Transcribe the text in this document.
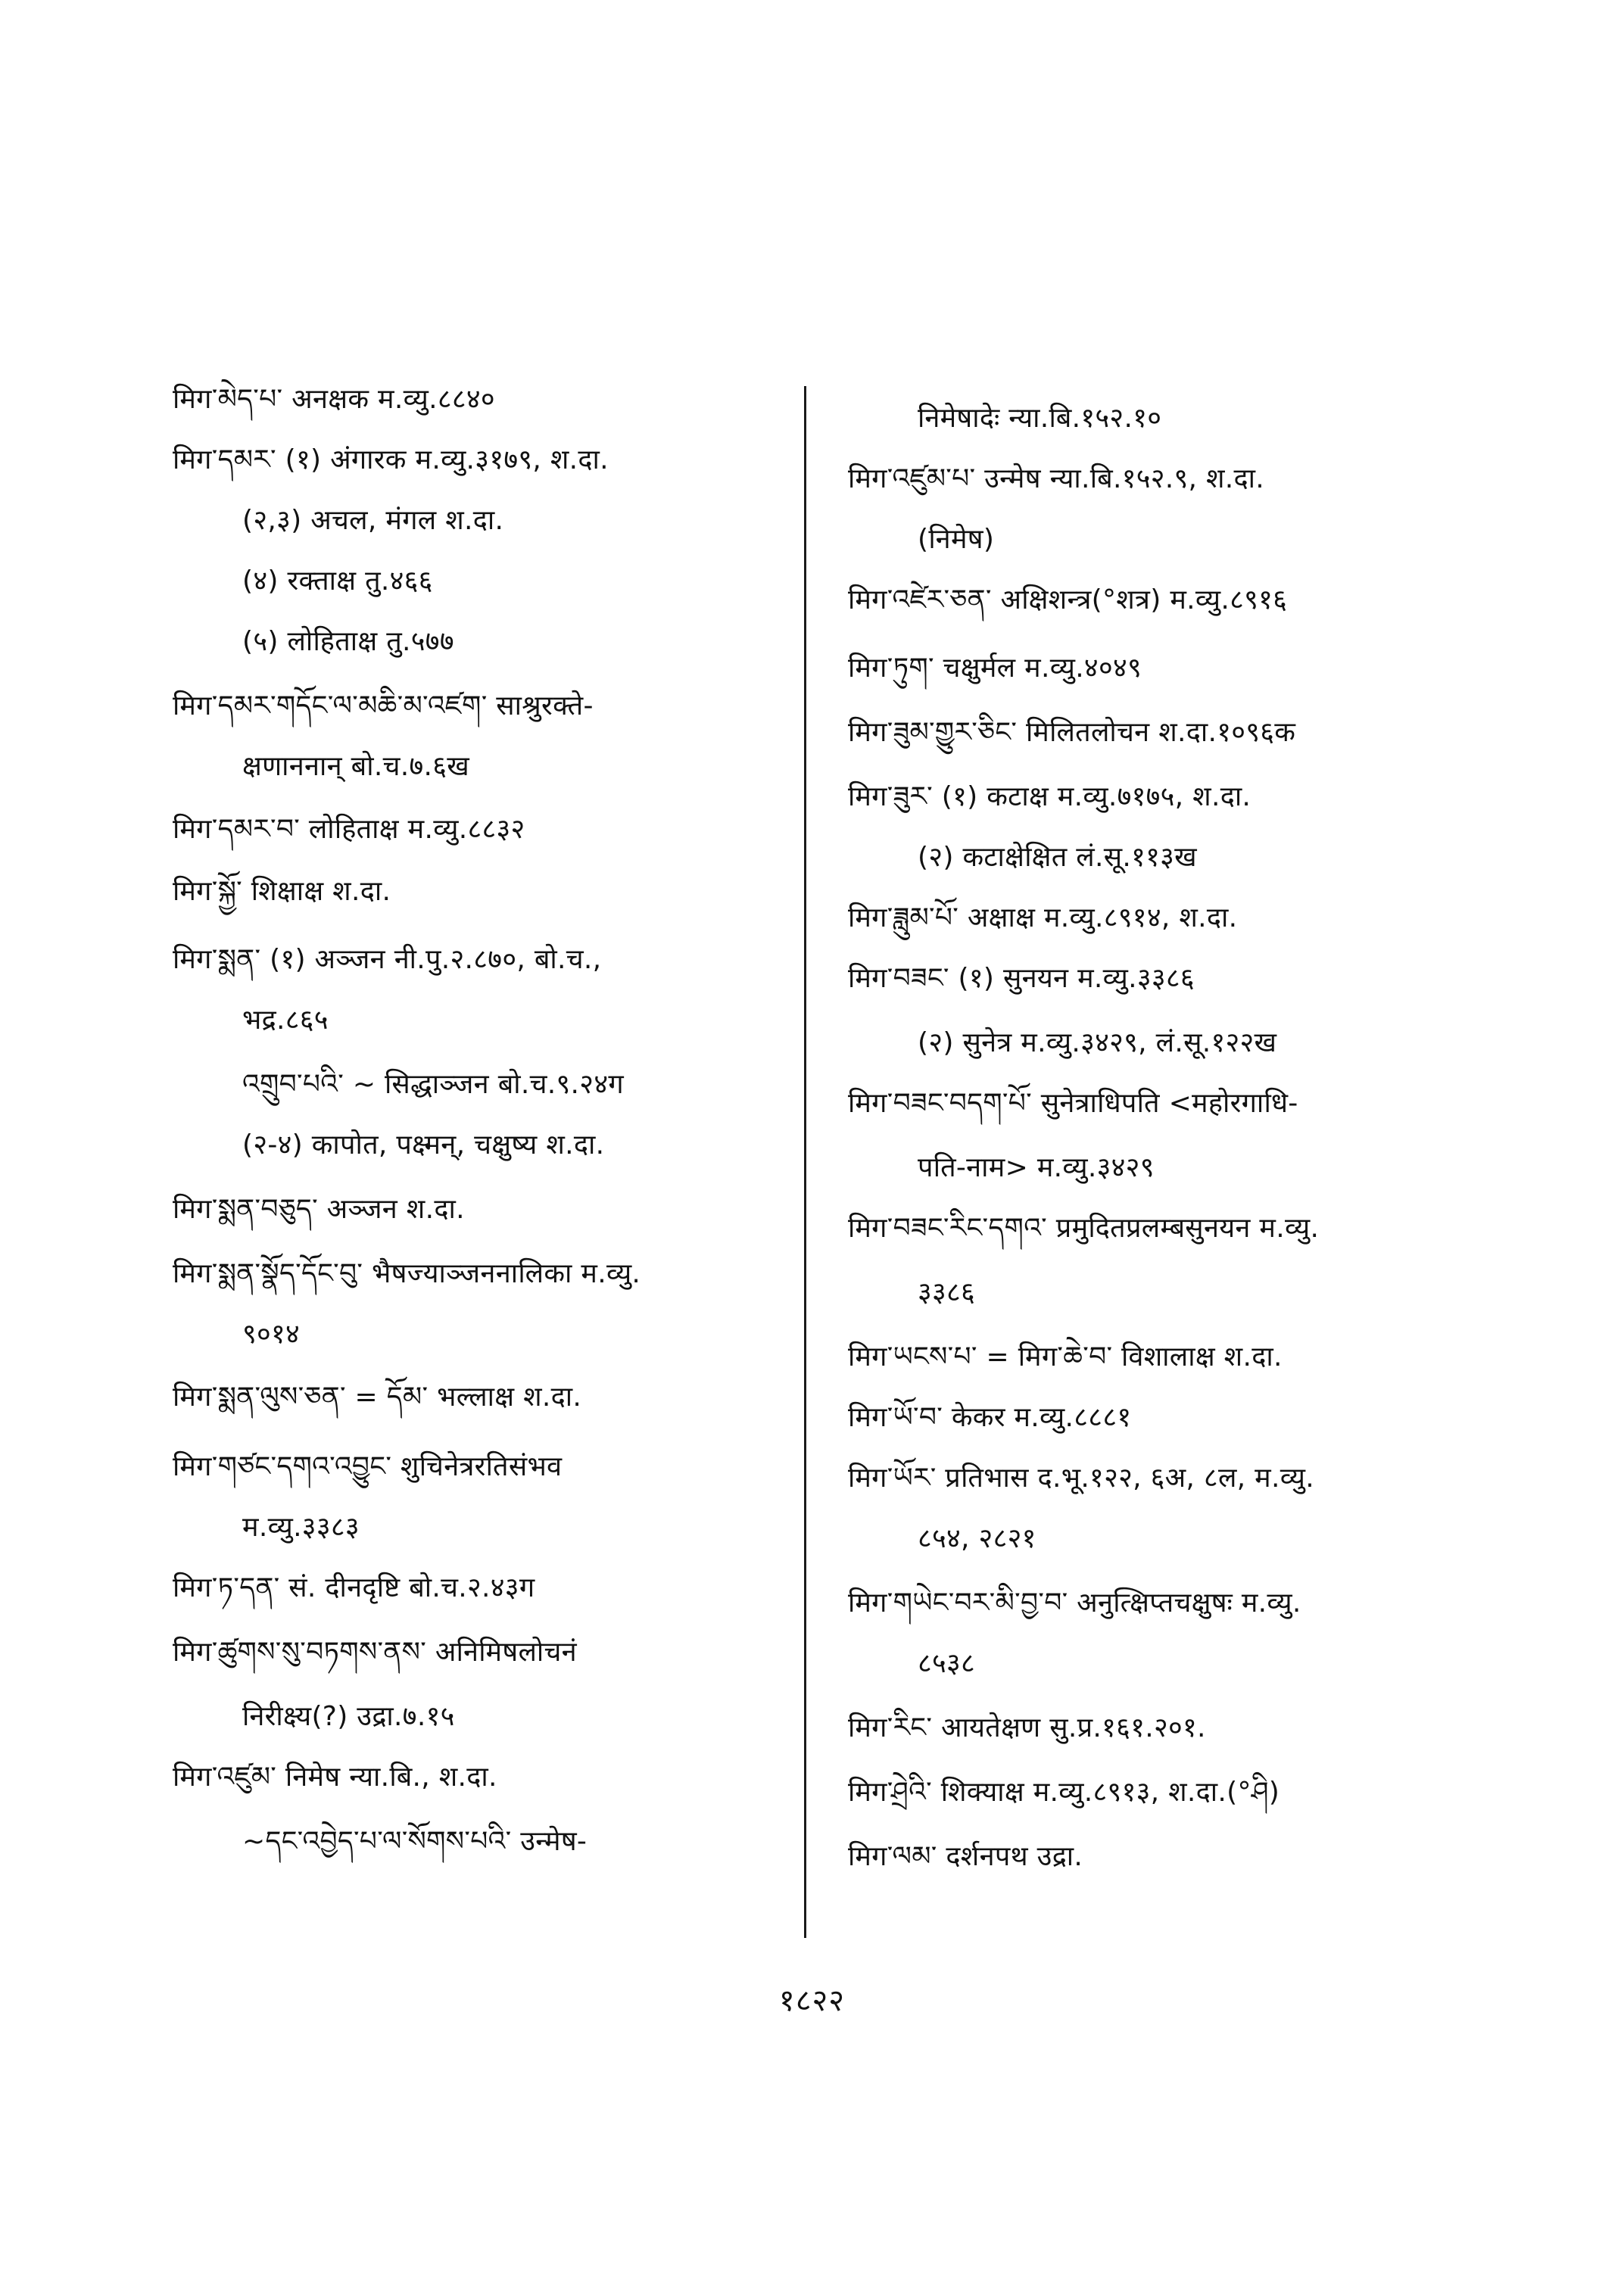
मिग་མེད་པ་ अनक्षक म.व्यु.८८४०
मिग་དམར་ (१) अंगारक म.व्यु.३१७९, श.दा.
(२,३) अचल, मंगल श.दा.
(४) रक्ताक्ष तु.४६६
(५) लोहिताक्ष तु.५७७
मिग་དམར་གདོང་ལ་མཆི་མ་འཛག་ साश्रुरक्ते-
क्षणाननान् बो.च.७.६ख
मिग་དམར་བ་ लोहिताक्ष म.व्यु.८८३२
मिग་སྐྱོ་ शिक्षाक्ष श.दा.
मिग་སྨན་ (१) अञ्जन नी.पु.२.८७०, बो.च.,
भद्र.८६५
འགྲུབ་པའི་ ~ सिद्धाञ्जन बो.च.९.२४ग
(२-४) कापोत, पक्ष्मन्, चक्षुष्य श.दा.
मिग་སྨན་བཅུད་ अञ्जन श.दा.
मिग་སྨན་སྣོད་དོང་བུ་ भैषज्याञ्जननालिका म.व्यु.
९०१४
मिग་སྨན་ལུས་ཅན་ = དོམ་ भल्लाक्ष श.दा.
मिग་གཙང་དགའ་འབྱུང་ शुचिनेत्ररतिसंभव
म.व्यु.३३८३
मिग་ཏ་དན་ सं. दीनदृष्टि बो.च.२.४३ग
मिग་ཚུགས་སུ་བཏགས་ནས་ अनिमिषलोचनं
निरीक्ष्य(?) उद्रा.७.१५
मिग་འཛུམ་ निमेष न्या.बि., श.दा.
~དང་འབྱེད་པ་ལ་སོགས་པའི་ उन्मेष-
निमेषादेः न्या.बि.१५२.१०
मिग་འཛུམ་པ་ उन्मेष न्या.बि.१५२.९, श.दा.
(निमेष)
मिग་འཛེར་ཅན་ अक्षिशन्त्र(°शत्र) म.व्यु.८९१६
मिग་ཏུག་ चक्षुर्मल म.व्यु.४०४९
मिग་ཟུམ་གྱུར་ཅིང་ मिलितलोचन श.दा.१०९६क
मिग་ཟུར་ (१) कटाक्ष म.व्यु.७१७५, श.दा.
(२) कटाक्षेक्षित लं.सू.११३ख
मिग་ཟླུམ་པོ་ अक्षाक्ष म.व्यु.८९१४, श.दा.
मिग་བཟང་ (१) सुनयन म.व्यु.३३८६
(२) सुनेत्र म.व्यु.३४२९, लं.सू.१२२ख
मिग་བཟང་བདག་པོ་ सुनेत्राधिपति <महोरगाधि-
पति-नाम> म.व्यु.३४२९
मिग་བཟང་རིང་དགའ་ प्रमुदितप्रलम्बसुनयन म.व्यु.
३३८६
मिग་ཡངས་པ་ = मिग་ཆེ་བ་ विशालाक्ष श.दा.
मिग་ཡོ་བ་ केकर म.व्यु.८८८१
मिग་ཡོར་ प्रतिभास द.भू.१२२, ६अ, ८ल, म.व्यु.
८५४, २८२१
मिग་གཡེང་བར་མི་བྱ་བ་ अनुत्क्षिप्तचक्षुषः म.व्यु.
८५३८
मिग་རིང་ आयतेक्षण सु.प्र.१६१.२०१.
मिग་ཤྲེའི་ शिक्याक्ष म.व्यु.८९१३, श.दा.(°ཤི)
मिग་ལམ་ दर्शनपथ उद्रा.
१८२२
